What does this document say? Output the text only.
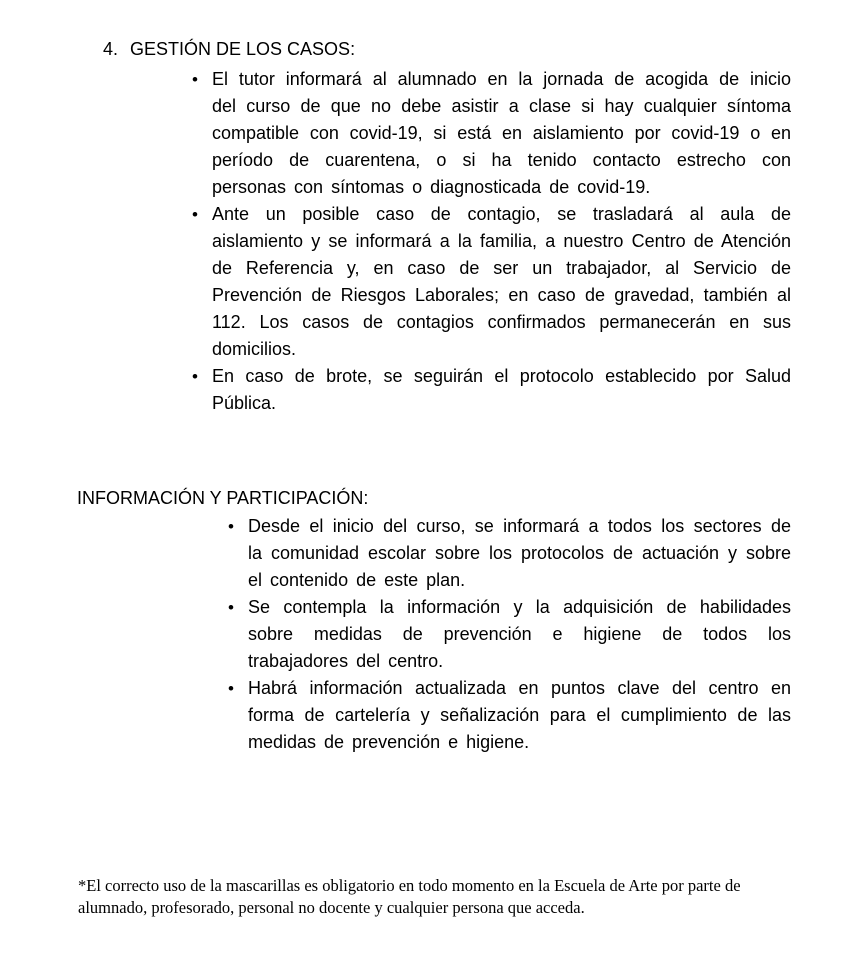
4. GESTIÓN DE LOS CASOS:
• El tutor informará al alumnado en la jornada de acogida de inicio del curso de que no debe asistir a clase si hay cualquier síntoma compatible con covid-19, si está en aislamiento por covid-19 o en período de cuarentena, o si ha tenido contacto estrecho con personas con síntomas o diagnosticada de covid-19.
• Ante un posible caso de contagio, se trasladará al aula de aislamiento y se informará a la familia, a nuestro Centro de Atención de Referencia y, en caso de ser un trabajador, al Servicio de Prevención de Riesgos Laborales; en caso de gravedad, también al 112. Los casos de contagios confirmados permanecerán en sus domicilios.
• En caso de brote, se seguirán el protocolo establecido por Salud Pública.
INFORMACIÓN Y PARTICIPACIÓN:
• Desde el inicio del curso, se informará a todos los sectores de la comunidad escolar sobre los protocolos de actuación y sobre el contenido de este plan.
• Se contempla la información y la adquisición de habilidades sobre medidas de prevención e higiene de todos los trabajadores del centro.
• Habrá información actualizada en puntos clave del centro en forma de cartelería y señalización para el cumplimiento de las medidas de prevención e higiene.
*El correcto uso de la mascarillas es obligatorio en todo momento en la Escuela de Arte por parte de alumnado, profesorado, personal no docente y cualquier persona que acceda.
